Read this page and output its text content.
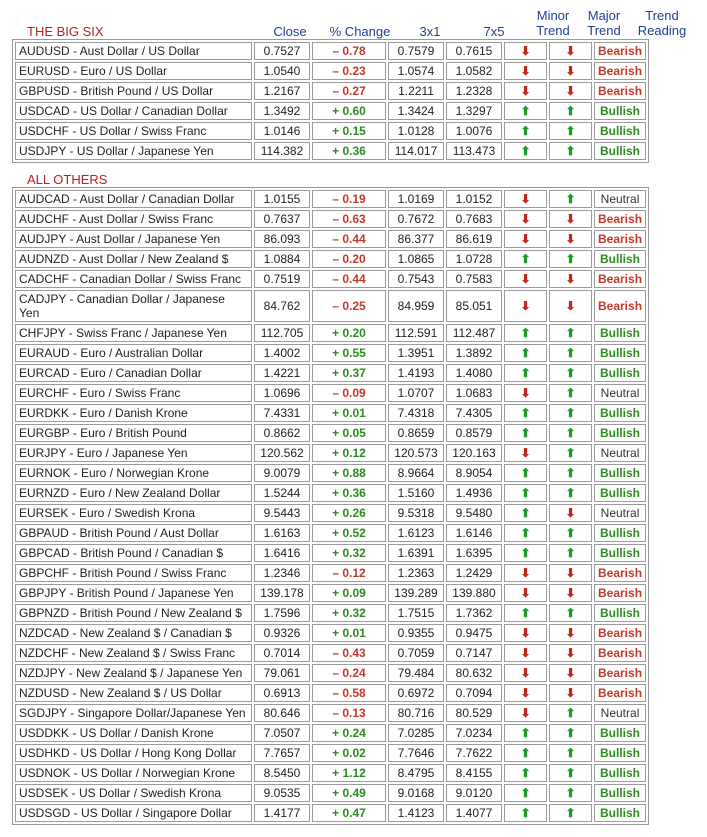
Close	% Change	3x1	7x5
Minor
Trend
Major
Trend
Trend
Reading
THE BIG SIX
AUDUSD - Aust Dollar / US Dollar	0.7527	– 0.78	0.7579	0.7615	⬇	⬇	Bearish
EURUSD - Euro / US Dollar	1.0540	– 0.23	1.0574	1.0582	⬇	⬇	Bearish
GBPUSD - British Pound / US Dollar	1.2167	– 0.27	1.2211	1.2328	⬇	⬇	Bearish
USDCAD - US Dollar / Canadian Dollar	1.3492	+ 0.60	1.3424	1.3297	⬆	⬆	Bullish
USDCHF - US Dollar / Swiss Franc	1.0146	+ 0.15	1.0128	1.0076	⬆	⬆	Bullish
USDJPY - US Dollar / Japanese Yen	114.382	+ 0.36	114.017	113.473	⬆	⬆	Bullish
ALL OTHERS
AUDCAD - Aust Dollar / Canadian Dollar	1.0155	– 0.19	1.0169	1.0152	⬇	⬆	Neutral
AUDCHF - Aust Dollar / Swiss Franc	0.7637	– 0.63	0.7672	0.7683	⬇	⬇	Bearish
AUDJPY - Aust Dollar / Japanese Yen	86.093	– 0.44	86.377	86.619	⬇	⬇	Bearish
AUDNZD - Aust Dollar / New Zealand $	1.0884	– 0.20	1.0865	1.0728	⬆	⬆	Bullish
CADCHF - Canadian Dollar / Swiss Franc	0.7519	– 0.44	0.7543	0.7583	⬇	⬇	Bearish
CADJPY - Canadian Dollar / Japanese Yen	84.762	– 0.25	84.959	85.051	⬇	⬇	Bearish
CHFJPY - Swiss Franc / Japanese Yen	112.705	+ 0.20	112.591	112.487	⬆	⬆	Bullish
EURAUD - Euro / Australian Dollar	1.4002	+ 0.55	1.3951	1.3892	⬆	⬆	Bullish
EURCAD - Euro / Canadian Dollar	1.4221	+ 0.37	1.4193	1.4080	⬆	⬆	Bullish
EURCHF - Euro / Swiss Franc	1.0696	– 0.09	1.0707	1.0683	⬇	⬆	Neutral
EURDKK - Euro / Danish Krone	7.4331	+ 0.01	7.4318	7.4305	⬆	⬆	Bullish
EURGBP - Euro / British Pound	0.8662	+ 0.05	0.8659	0.8579	⬆	⬆	Bullish
EURJPY - Euro / Japanese Yen	120.562	+ 0.12	120.573	120.163	⬇	⬆	Neutral
EURNOK - Euro / Norwegian Krone	9.0079	+ 0.88	8.9664	8.9054	⬆	⬆	Bullish
EURNZD - Euro / New Zealand Dollar	1.5244	+ 0.36	1.5160	1.4936	⬆	⬆	Bullish
EURSEK - Euro / Swedish Krona	9.5443	+ 0.26	9.5318	9.5480	⬆	⬇	Neutral
GBPAUD - British Pound / Aust Dollar	1.6163	+ 0.52	1.6123	1.6146	⬆	⬆	Bullish
GBPCAD - British Pound / Canadian $	1.6416	+ 0.32	1.6391	1.6395	⬆	⬆	Bullish
GBPCHF - British Pound / Swiss Franc	1.2346	– 0.12	1.2363	1.2429	⬇	⬇	Bearish
GBPJPY - British Pound / Japanese Yen	139.178	+ 0.09	139.289	139.880	⬇	⬇	Bearish
GBPNZD - British Pound / New Zealand $	1.7596	+ 0.32	1.7515	1.7362	⬆	⬆	Bullish
NZDCAD - New Zealand $ / Canadian $	0.9326	+ 0.01	0.9355	0.9475	⬇	⬇	Bearish
NZDCHF - New Zealand $ / Swiss Franc	0.7014	– 0.43	0.7059	0.7147	⬇	⬇	Bearish
NZDJPY - New Zealand $ / Japanese Yen	79.061	– 0.24	79.484	80.632	⬇	⬇	Bearish
NZDUSD - New Zealand $ / US Dollar	0.6913	– 0.58	0.6972	0.7094	⬇	⬇	Bearish
SGDJPY - Singapore Dollar/Japanese Yen	80.646	– 0.13	80.716	80.529	⬇	⬆	Neutral
USDDKK - US Dollar / Danish Krone	7.0507	+ 0.24	7.0285	7.0234	⬆	⬆	Bullish
USDHKD - US Dollar / Hong Kong Dollar	7.7657	+ 0.02	7.7646	7.7622	⬆	⬆	Bullish
USDNOK - US Dollar / Norwegian Krone	8.5450	+ 1.12	8.4795	8.4155	⬆	⬆	Bullish
USDSEK - US Dollar / Swedish Krona	9.0535	+ 0.49	9.0168	9.0120	⬆	⬆	Bullish
USDSGD - US Dollar / Singapore Dollar	1.4177	+ 0.47	1.4123	1.4077	⬆	⬆	Bullish
